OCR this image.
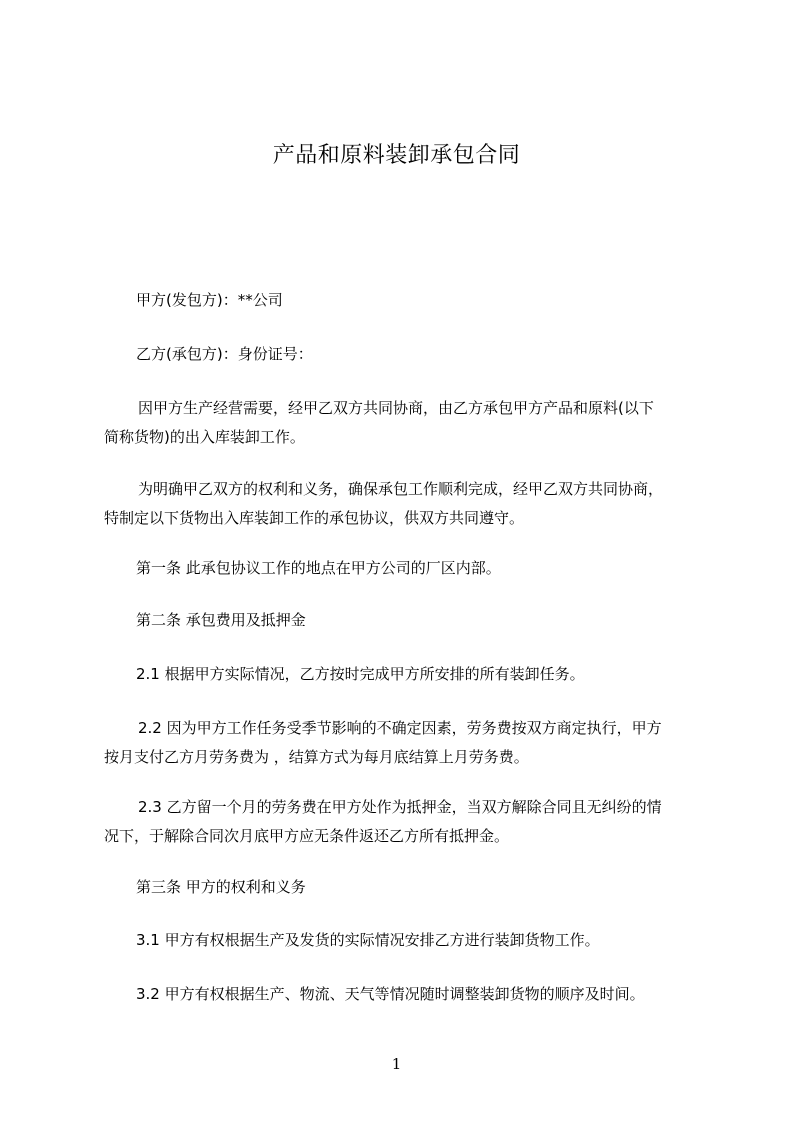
产品和原料装卸承包合同

甲方(发包方)：**公司

乙方(承包方)：身份证号：

因甲方生产经营需要，经甲乙双方共同协商，由乙方承包甲方产品和原料(以下
简称货物)的出入库装卸工作。

为明确甲乙双方的权利和义务，确保承包工作顺利完成，经甲乙双方共同协商，
特制定以下货物出入库装卸工作的承包协议，供双方共同遵守。

第一条 此承包协议工作的地点在甲方公司的厂区内部。

第二条 承包费用及抵押金

2.1 根据甲方实际情况，乙方按时完成甲方所安排的所有装卸任务。

2.2 因为甲方工作任务受季节影响的不确定因素，劳务费按双方商定执行，甲方
按月支付乙方月劳务费为 ，结算方式为每月底结算上月劳务费。

2.3 乙方留一个月的劳务费在甲方处作为抵押金，当双方解除合同且无纠纷的情
况下，于解除合同次月底甲方应无条件返还乙方所有抵押金。

第三条 甲方的权利和义务

3.1 甲方有权根据生产及发货的实际情况安排乙方进行装卸货物工作。

3.2 甲方有权根据生产、物流、天气等情况随时调整装卸货物的顺序及时间。

1
